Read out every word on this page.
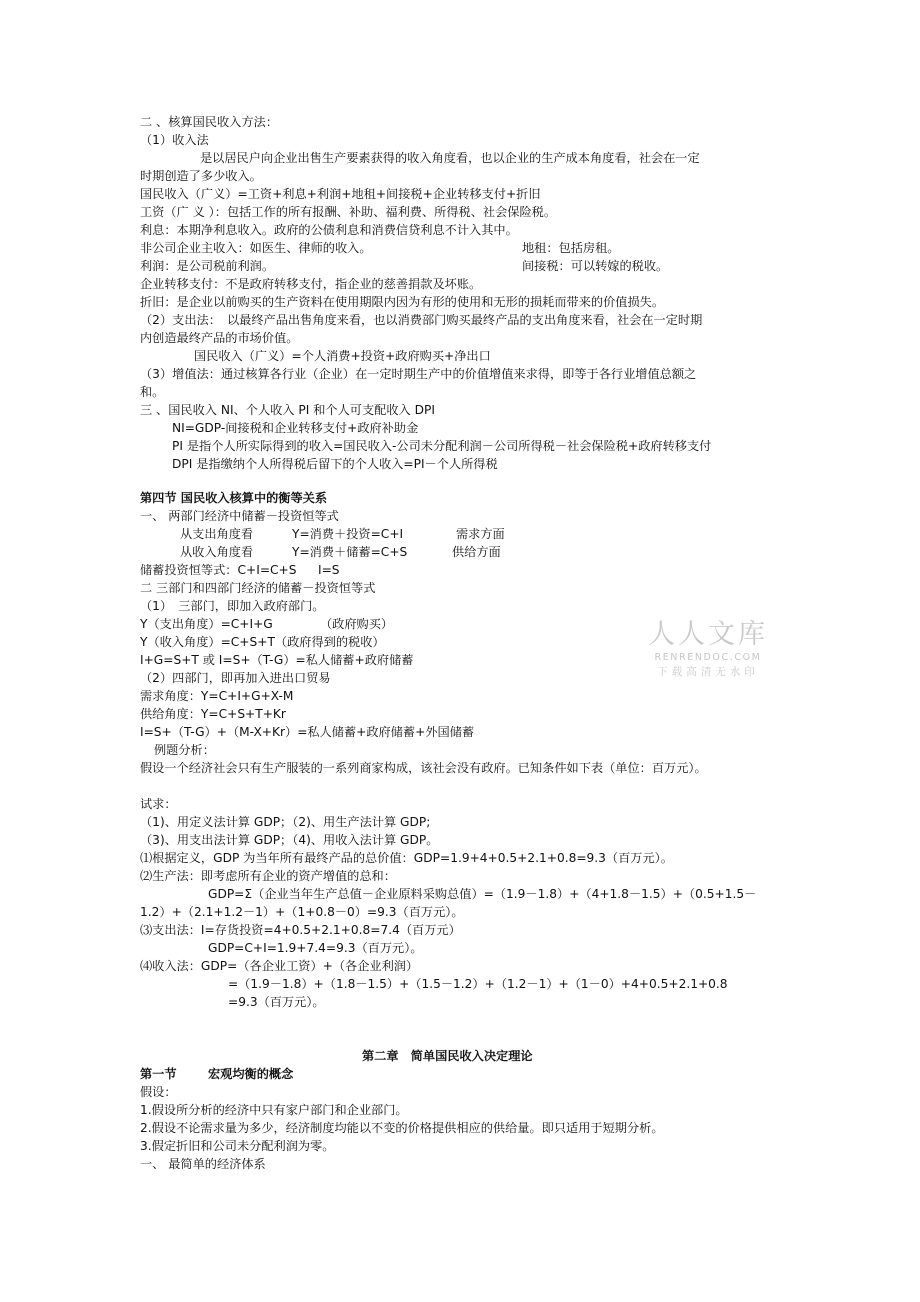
二 、核算国民收入方法：
（1）收入法
是以居民户向企业出售生产要素获得的收入角度看，也以企业的生产成本角度看，社会在一定
时期创造了多少收入。
国民收入（广义）=工资+利息+利润+地租+间接税+企业转移支付+折旧
工资（广 义 ）：包括工作的所有报酬、补助、福利费、所得税、社会保险税。
利息：本期净利息收入。政府的公债利息和消费信贷利息不计入其中。
非公司企业主收入：如医生、律师的收入。	地租：包括房租。
利润：是公司税前利润。	间接税：可以转嫁的税收。
企业转移支付：不是政府转移支付，指企业的慈善捐款及坏账。
折旧：是企业以前购买的生产资料在使用期限内因为有形的使用和无形的损耗而带来的价值损失。
（2）支出法：　以最终产品出售角度来看，也以消费部门购买最终产品的支出角度来看，社会在一定时期
内创造最终产品的市场价值。
国民收入（广义）=个人消费+投资+政府购买+净出口
（3）增值法：通过核算各行业（企业）在一定时期生产中的价值增值来求得，即等于各行业增值总额之
和。
三 、国民收入 NI、个人收入 PI 和个人可支配收入 DPI
NI=GDP-间接税和企业转移支付+政府补助金
PI 是指个人所实际得到的收入=国民收入-公司未分配利润－公司所得税－社会保险税+政府转移支付
DPI 是指缴纳个人所得税后留下的个人收入=PI－个人所得税
第四节 国民收入核算中的衡等关系
一、 两部门经济中储蓄－投资恒等式
从支出角度看	Y=消费＋投资=C+I	需求方面
从收入角度看	Y=消费＋储蓄=C+S	供给方面
储蓄投资恒等式：C+I=C+S I=S
二 三部门和四部门经济的储蓄－投资恒等式
（1）　三部门，即加入政府部门。
Y（支出角度）=C+I+G	（政府购买）
Y（收入角度）=C+S+T（政府得到的税收）
I+G=S+T 或 I=S+（T-G）=私人储蓄+政府储蓄
（2）四部门，即再加入进出口贸易
需求角度：Y=C+I+G+X-M
供给角度：Y=C+S+T+Kr
I=S+（T-G）+（M-X+Kr）=私人储蓄+政府储蓄+外国储蓄
例题分析：
假设一个经济社会只有生产服装的一系列商家构成，该社会没有政府。已知条件如下表（单位：百万元）。
试求：
（1)、用定义法计算 GDP；（2)、用生产法计算 GDP;
（3)、用支出法计算 GDP；（4)、用收入法计算 GDP。
⑴根据定义，GDP 为当年所有最终产品的总价值：GDP=1.9+4+0.5+2.1+0.8=9.3（百万元）。
⑵生产法：即考虑所有企业的资产增值的总和：
GDP=Σ（企业当年生产总值－企业原料采购总值）=（1.9－1.8）+（4+1.8－1.5）+（0.5+1.5－
1.2）+（2.1+1.2－1）+（1+0.8－0）=9.3（百万元）。
⑶支出法：I=存货投资=4+0.5+2.1+0.8=7.4（百万元）
GDP=C+I=1.9+7.4=9.3（百万元）。
⑷收入法：GDP=（各企业工资）+（各企业利润）
=（1.9－1.8）+（1.8－1.5）+（1.5－1.2）+（1.2－1）+（1－0）+4+0.5+2.1+0.8
=9.3（百万元）。
第二章　简单国民收入决定理论
第一节	宏观均衡的概念
假设：
1.假设所分析的经济中只有家户部门和企业部门。
2.假设不论需求量为多少，经济制度均能以不变的价格提供相应的供给量。即只适用于短期分析。
3.假定折旧和公司未分配利润为零。
一、 最简单的经济体系
人人文库
RENRENDOC.COM
下载高清无水印
